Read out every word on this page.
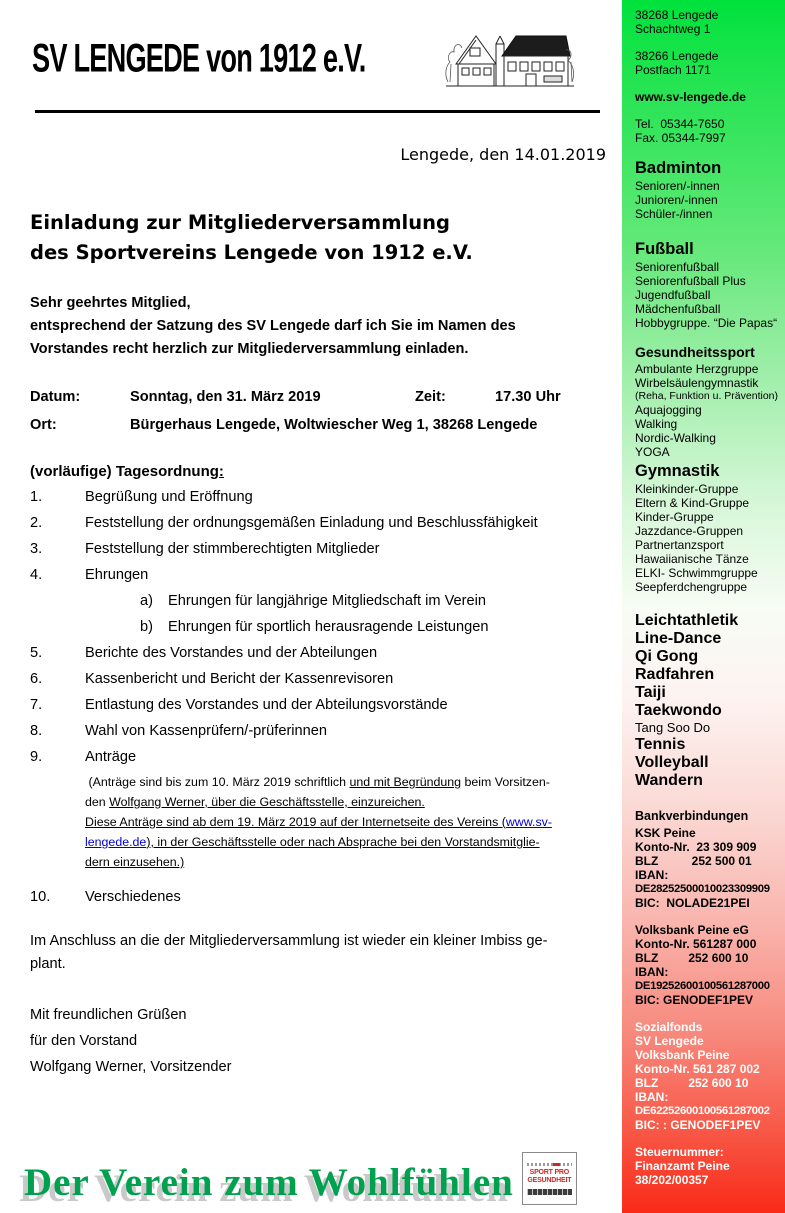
SV LENGEDE von 1912 e.V.
Lengede, den 14.01.2019
Einladung zur Mitgliederversammlung
des Sportvereins Lengede von 1912 e.V.
Sehr geehrtes Mitglied,
entsprechend der Satzung des SV Lengede darf ich Sie im Namen des
Vorstandes recht herzlich zur Mitgliederversammlung einladen.
Datum:	Sonntag, den 31. März 2019	Zeit:	17.30 Uhr
Ort:	Bürgerhaus Lengede, Woltwiescher Weg 1, 38268 Lengede
(vorläufige) Tagesordnung:
1.	Begrüßung und Eröffnung
2.	Feststellung der ordnungsgemäßen Einladung und Beschlussfähigkeit
3.	Feststellung der stimmberechtigten Mitglieder
4.	Ehrungen
a)	Ehrungen für langjährige Mitgliedschaft im Verein
b)	Ehrungen für sportlich herausragende Leistungen
5.	Berichte des Vorstandes und der Abteilungen
6.	Kassenbericht und Bericht der Kassenrevisoren
7.	Entlastung des Vorstandes und der Abteilungsvorstände
8.	Wahl von Kassenprüfern/-prüferinnen
9.	Anträge
(Anträge sind bis zum 10. März 2019 schriftlich und mit Begründung beim Vorsitzen-
den Wolfgang Werner, über die Geschäftsstelle, einzureichen.
Diese Anträge sind ab dem 19. März 2019 auf der Internetseite des Vereins (www.sv-
lengede.de), in der Geschäftsstelle oder nach Absprache bei den Vorstandsmitglie-
dern einzusehen.)
10.	Verschiedenes
Im Anschluss an die der Mitgliederversammlung ist wieder ein kleiner Imbiss ge-
plant.
Mit freundlichen Grüßen
für den Vorstand
Wolfgang Werner, Vorsitzender
Der Verein zum Wohlfühlen SPORT PRO
GESUNDHEIT
38268 Lengede
Schachtweg 1
38266 Lengede
Postfach 1171
www.sv-lengede.de
Tel.  05344-7650
Fax. 05344-7997
Badminton
Senioren/-innen
Junioren/-innen
Schüler-/innen
Fußball
Seniorenfußball
Seniorenfußball Plus
Jugendfußball
Mädchenfußball
Hobbygruppe. “Die Papas“
Gesundheitssport
Ambulante Herzgruppe
Wirbelsäulengymnastik
(Reha, Funktion u. Prävention)
Aquajogging
Walking
Nordic-Walking
YOGA
Gymnastik
Kleinkinder-Gruppe
Eltern & Kind-Gruppe
Kinder-Gruppe
Jazzdance-Gruppen
Partnertanzsport
Hawaiianische Tänze
ELKI- Schwimmgruppe
Seepferdchengruppe
Leichtathletik
Line-Dance
Qi Gong
Radfahren
Taiji
Taekwondo
Tang Soo Do
Tennis
Volleyball
Wandern
Bankverbindungen
KSK Peine
Konto-Nr.  23 309 909
BLZ          252 500 01
IBAN:
DE28252500010023309909
BIC:  NOLADE21PEI
Volksbank Peine eG
Konto-Nr. 561287 000
BLZ         252 600 10
IBAN:
DE19252600100561287000
BIC: GENODEF1PEV
Sozialfonds
SV Lengede
Volksbank Peine
Konto-Nr. 561 287 002
BLZ         252 600 10
IBAN:
DE62252600100561287002
BIC: : GENODEF1PEV
Steuernummer:
Finanzamt Peine
38/202/00357
